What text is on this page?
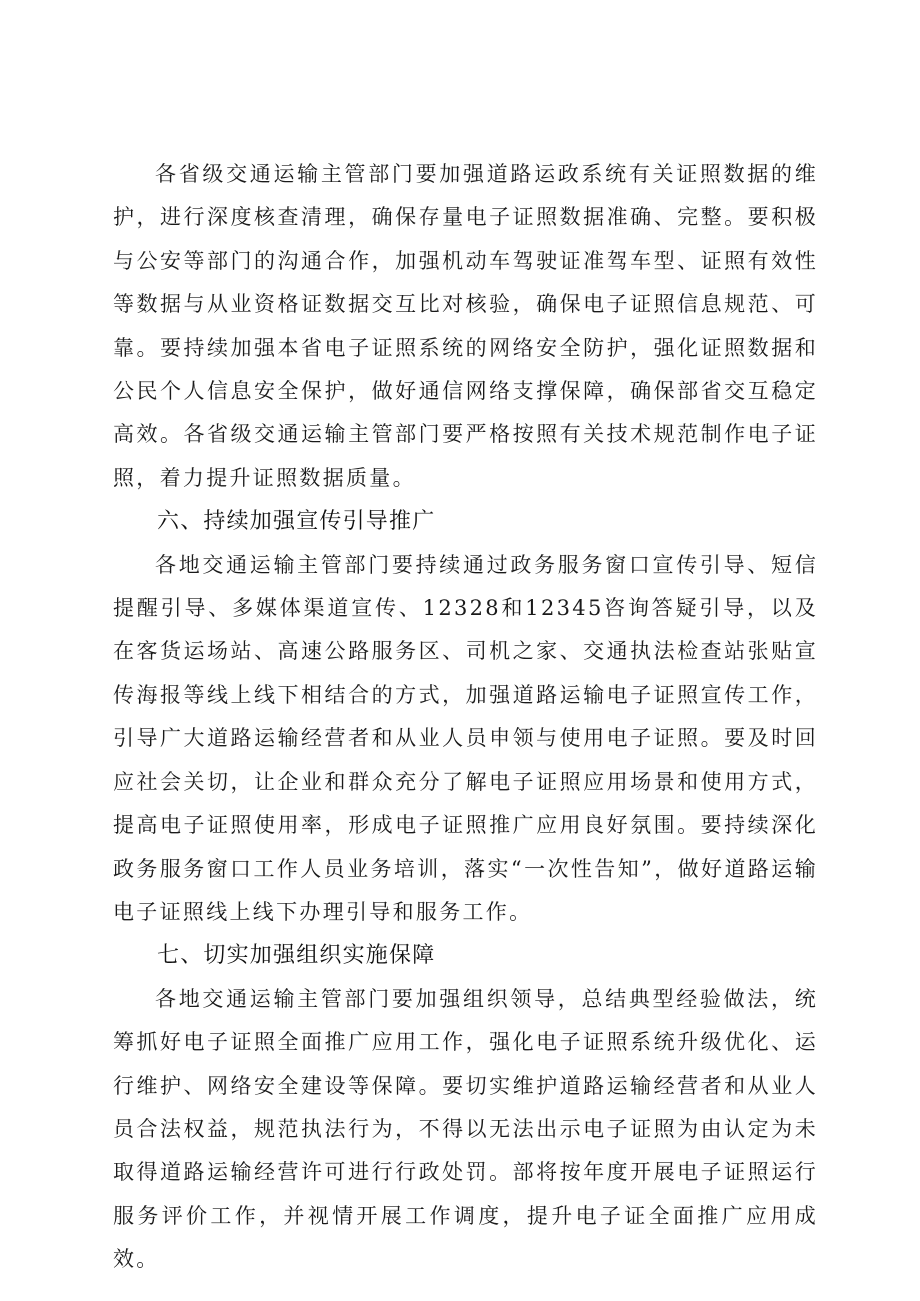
各省级交通运输主管部门要加强道路运政系统有关证照数据的维护，进行深度核查清理，确保存量电子证照数据准确、完整。要积极与公安等部门的沟通合作，加强机动车驾驶证准驾车型、证照有效性等数据与从业资格证数据交互比对核验，确保电子证照信息规范、可靠。要持续加强本省电子证照系统的网络安全防护，强化证照数据和公民个人信息安全保护，做好通信网络支撑保障，确保部省交互稳定高效。各省级交通运输主管部门要严格按照有关技术规范制作电子证照，着力提升证照数据质量。

六、持续加强宣传引导推广

各地交通运输主管部门要持续通过政务服务窗口宣传引导、短信提醒引导、多媒体渠道宣传、12328和12345咨询答疑引导，以及在客货运场站、高速公路服务区、司机之家、交通执法检查站张贴宣传海报等线上线下相结合的方式，加强道路运输电子证照宣传工作，引导广大道路运输经营者和从业人员申领与使用电子证照。要及时回应社会关切，让企业和群众充分了解电子证照应用场景和使用方式，提高电子证照使用率，形成电子证照推广应用良好氛围。要持续深化政务服务窗口工作人员业务培训，落实“一次性告知”，做好道路运输电子证照线上线下办理引导和服务工作。

七、切实加强组织实施保障

各地交通运输主管部门要加强组织领导，总结典型经验做法，统筹抓好电子证照全面推广应用工作，强化电子证照系统升级优化、运行维护、网络安全建设等保障。要切实维护道路运输经营者和从业人员合法权益，规范执法行为，不得以无法出示电子证照为由认定为未取得道路运输经营许可进行行政处罚。部将按年度开展电子证照运行服务评价工作，并视情开展工作调度，提升电子证全面推广应用成效。
